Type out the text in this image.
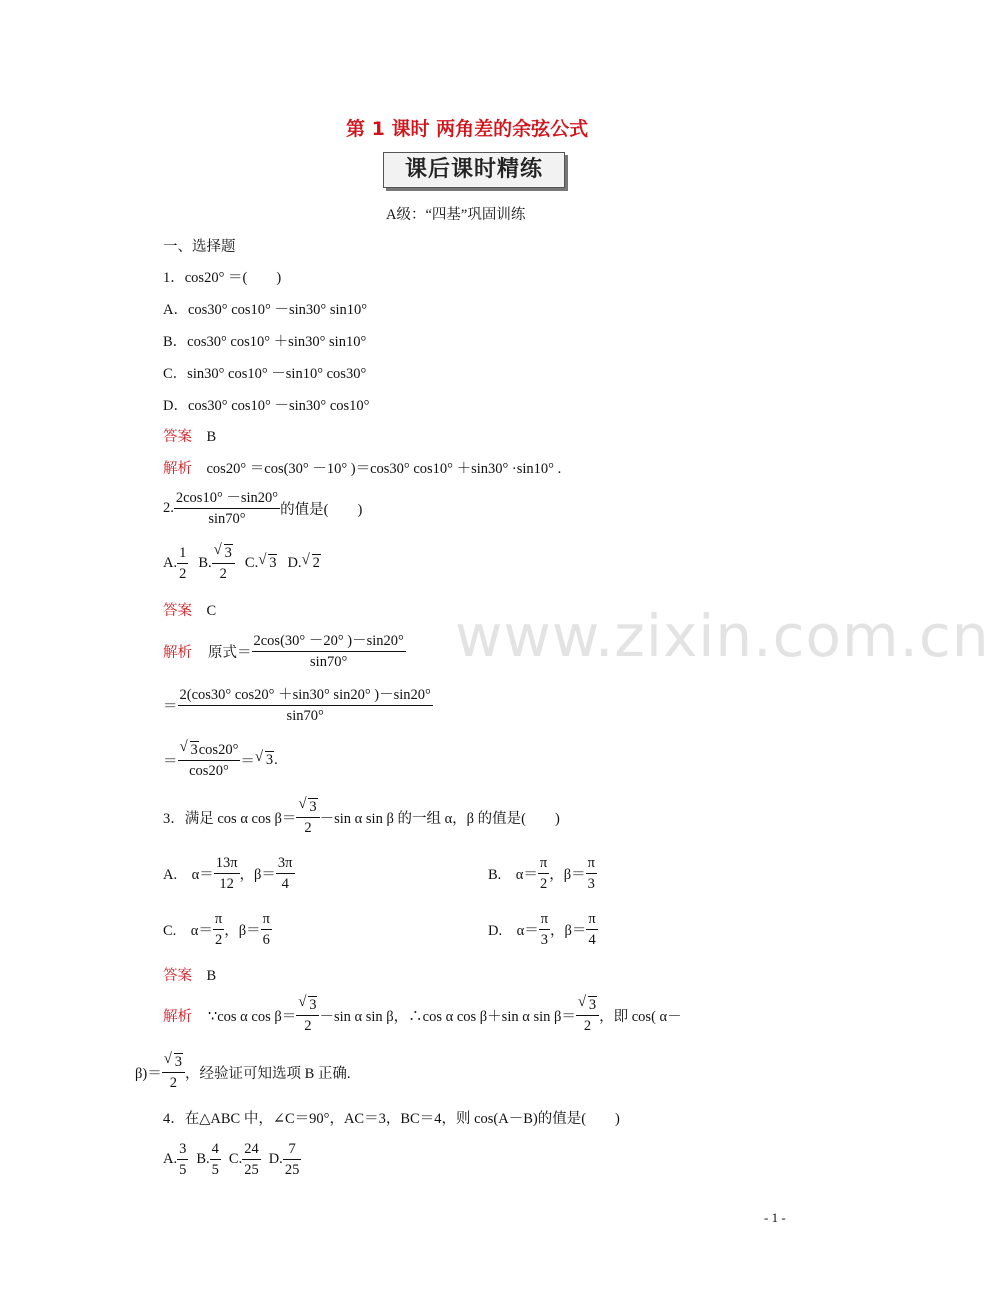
www.zixin.com.cn
第 1 课时 两角差的余弦公式
课后课时精练
A级：“四基”巩固训练
一、选择题
1．cos20° ＝(　　)
A．cos30° cos10° －sin30° sin10°
B．cos30° cos10° ＋sin30° sin10°
C．sin30° cos10° －sin10° cos30°
D．cos30° cos10° －sin30° cos10°
答案　 B
解析　 cos20° ＝cos(30° －10° )＝cos30° cos10° ＋sin30° ·sin10° .
2. $\frac{2\cos 10^\circ -\sin 20^\circ}{\sin 70^\circ}$ 的值是(　　)
A. $\frac{1}{2} B$. $\frac{√ 3}{2} C$. √ 3 D. √ 2
答案　 C
解析 原式＝ $\frac{2\cos(30^\circ -20^\circ )-\sin 20^\circ}{\sin 70^\circ}$
＝ $\frac{2(\cos 30^\circ \cos 20^\circ +\sin 30^\circ \sin 20^\circ )-\sin 20^\circ}{\sin 70^\circ}$
＝ $\frac{√ 3\cos 20^\circ}{\cos 20^\circ}$ ＝ √ 3 .
3．满足 cos α $\cos \beta= \frac{√ 3}{2} -\sin$ α sin β 的一组 α，β 的值是(　　)
A.　$\alpha= \frac{13\pi}{12}$ ，$\beta= \frac{3\pi}{4}$	B.　$\alpha= \frac{\pi}{2}$ ，$\beta= \frac{\pi}{3}$
C.　$\alpha= \frac{\pi}{2}$ ，$\beta= \frac{\pi}{6}$	D.　$\alpha= \frac{\pi}{3}$ ，$\beta= \frac{\pi}{4}$
答案　 B
解析 ∵cos α $\cos \beta= \frac{√ 3}{2} -\sin$ α sin β，∴cos α cos β＋sin α $\sin \beta= \frac{√ 3}{2}$ ，即 cos( α－
$\beta)= \frac{√ 3}{2}$ ，经验证可知选项 B 正确.
4．在△ABC 中，∠C＝90°，AC＝3，BC＝4，则 cos(A－B)的值是(　　)
A. $\frac{3}{5} B$. $\frac{4}{5} C$. $\frac{24}{25} D$. $\frac{7}{25}$
- 1 -
